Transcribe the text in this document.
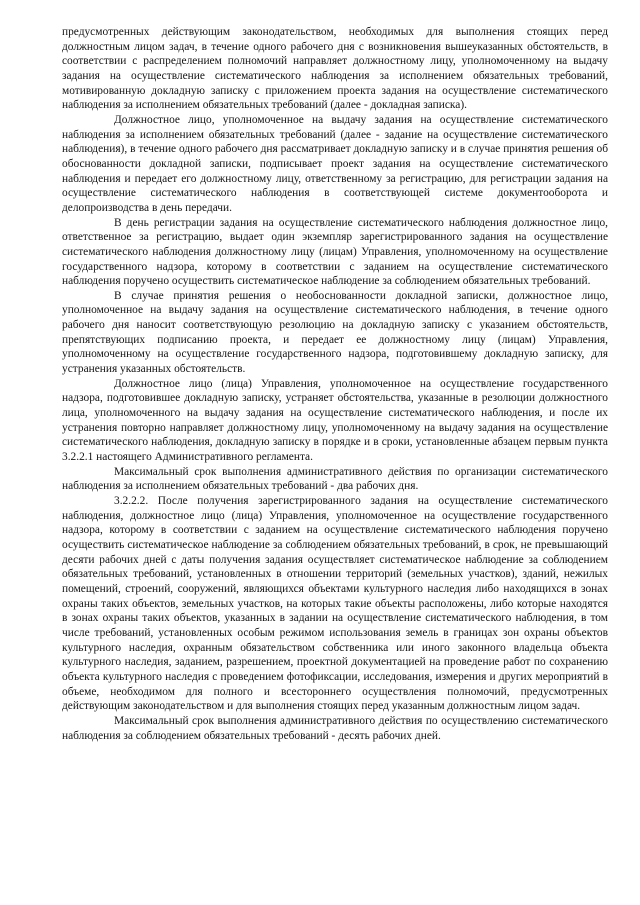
предусмотренных действующим законодательством, необходимых для выполнения стоящих перед должностным лицом задач, в течение одного рабочего дня с возникновения вышеуказанных обстоятельств, в соответствии с распределением полномочий направляет должностному лицу, уполномоченному на выдачу задания на осуществление систематического наблюдения за исполнением обязательных требований, мотивированную докладную записку с приложением проекта задания на осуществление систематического наблюдения за исполнением обязательных требований (далее - докладная записка).

Должностное лицо, уполномоченное на выдачу задания на осуществление систематического наблюдения за исполнением обязательных требований (далее - задание на осуществление систематического наблюдения), в течение одного рабочего дня рассматривает докладную записку и в случае принятия решения об обоснованности докладной записки, подписывает проект задания на осуществление систематического наблюдения и передает его должностному лицу, ответственному за регистрацию, для регистрации задания на осуществление систематического наблюдения в соответствующей системе документооборота и делопроизводства в день передачи.

В день регистрации задания на осуществление систематического наблюдения должностное лицо, ответственное за регистрацию, выдает один экземпляр зарегистрированного задания на осуществление систематического наблюдения должностному лицу (лицам) Управления, уполномоченному на осуществление государственного надзора, которому в соответствии с заданием на осуществление систематического наблюдения поручено осуществить систематическое наблюдение за соблюдением обязательных требований.

В случае принятия решения о необоснованности докладной записки, должностное лицо, уполномоченное на выдачу задания на осуществление систематического наблюдения, в течение одного рабочего дня наносит соответствующую резолюцию на докладную записку с указанием обстоятельств, препятствующих подписанию проекта, и передает ее должностному лицу (лицам) Управления, уполномоченному на осуществление государственного надзора, подготовившему докладную записку, для устранения указанных обстоятельств.

Должностное лицо (лица) Управления, уполномоченное на осуществление государственного надзора, подготовившее докладную записку, устраняет обстоятельства, указанные в резолюции должностного лица, уполномоченного на выдачу задания на осуществление систематического наблюдения, и после их устранения повторно направляет должностному лицу, уполномоченному на выдачу задания на осуществление систематического наблюдения, докладную записку в порядке и в сроки, установленные абзацем первым пункта 3.2.2.1 настоящего Административного регламента.

Максимальный срок выполнения административного действия по организации систематического наблюдения за исполнением обязательных требований - два рабочих дня.

3.2.2.2. После получения зарегистрированного задания на осуществление систематического наблюдения, должностное лицо (лица) Управления, уполномоченное на осуществление государственного надзора, которому в соответствии с заданием на осуществление систематического наблюдения поручено осуществить систематическое наблюдение за соблюдением обязательных требований, в срок, не превышающий десяти рабочих дней с даты получения задания осуществляет систематическое наблюдение за соблюдением обязательных требований, установленных в отношении территорий (земельных участков), зданий, нежилых помещений, строений, сооружений, являющихся объектами культурного наследия либо находящихся в зонах охраны таких объектов, земельных участков, на которых такие объекты расположены, либо которые находятся в зонах охраны таких объектов, указанных в задании на осуществление систематического наблюдения, в том числе требований, установленных особым режимом использования земель в границах зон охраны объектов культурного наследия, охранным обязательством собственника или иного законного владельца объекта культурного наследия, заданием, разрешением, проектной документацией на проведение работ по сохранению объекта культурного наследия с проведением фотофиксации, исследования, измерения и других мероприятий в объеме, необходимом для полного и всестороннего осуществления полномочий, предусмотренных действующим законодательством и для выполнения стоящих перед указанным должностным лицом задач.

Максимальный срок выполнения административного действия по осуществлению систематического наблюдения за соблюдением обязательных требований - десять рабочих дней.
